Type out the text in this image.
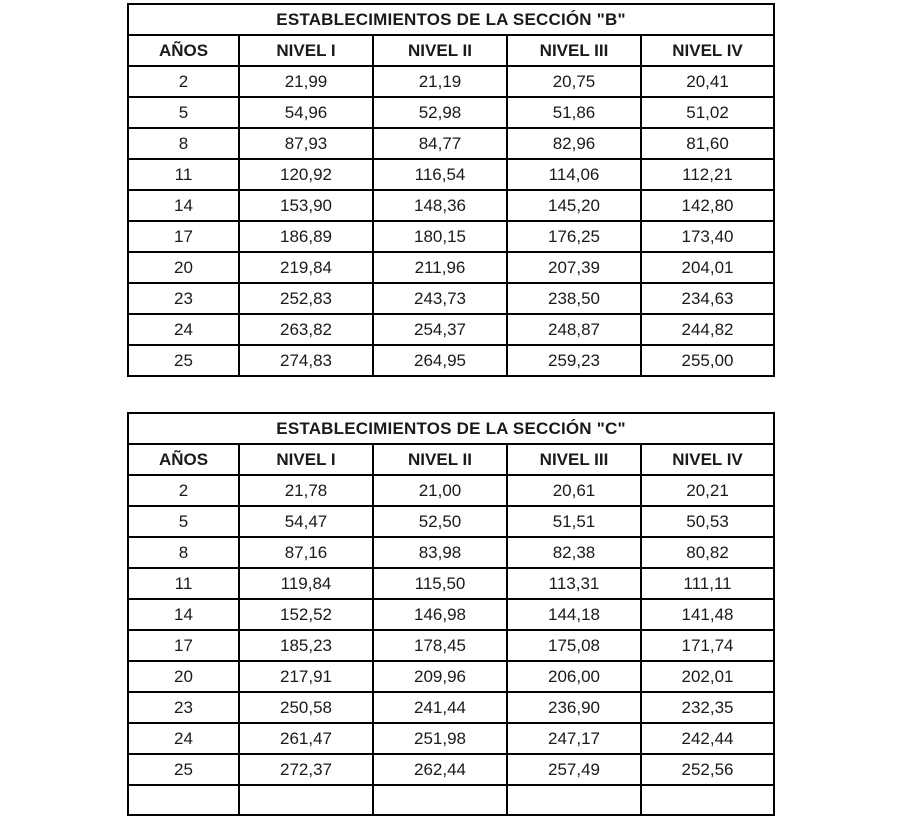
ESTABLECIMIENTOS DE LA SECCIÓN "B"				
AÑOS	NIVEL I	NIVEL II	NIVEL III	NIVEL IV
2	21,99	21,19	20,75	20,41
5	54,96	52,98	51,86	51,02
8	87,93	84,77	82,96	81,60
11	120,92	116,54	114,06	112,21
14	153,90	148,36	145,20	142,80
17	186,89	180,15	176,25	173,40
20	219,84	211,96	207,39	204,01
23	252,83	243,73	238,50	234,63
24	263,82	254,37	248,87	244,82
25	274,83	264,95	259,23	255,00
ESTABLECIMIENTOS DE LA SECCIÓN "C"				
AÑOS	NIVEL I	NIVEL II	NIVEL III	NIVEL IV
2	21,78	21,00	20,61	20,21
5	54,47	52,50	51,51	50,53
8	87,16	83,98	82,38	80,82
11	119,84	115,50	113,31	111,11
14	152,52	146,98	144,18	141,48
17	185,23	178,45	175,08	171,74
20	217,91	209,96	206,00	202,01
23	250,58	241,44	236,90	232,35
24	261,47	251,98	247,17	242,44
25	272,37	262,44	257,49	252,56
